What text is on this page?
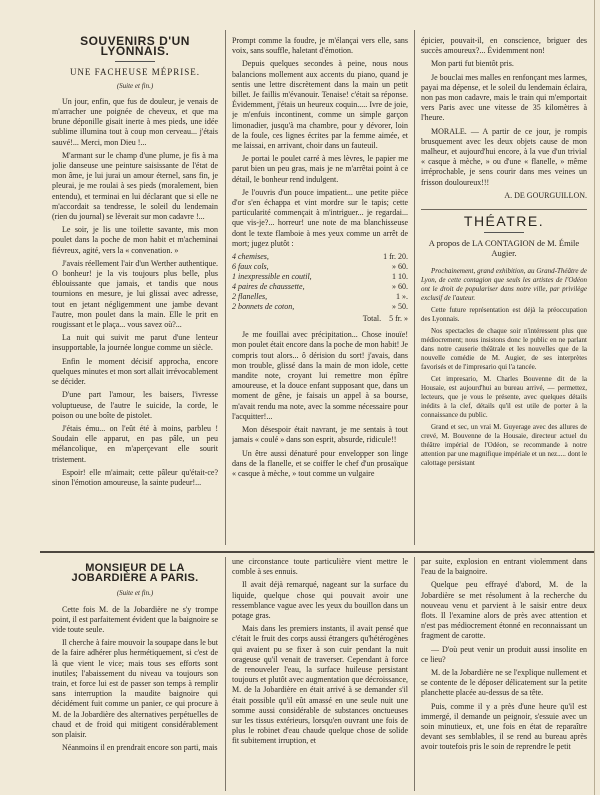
SOUVENIRS D'UN LYONNAIS.
UNE FACHEUSE MÉPRISE.
(Suite et fin.)

Un jour, enfin, que fus de douleur, je venais de m'arracher une poignée de cheveux, et que ma brune déponille gisait inerte à mes pieds, une idée sublime illumina tout à coup mon cerveau... j'étais sauvé!... Merci, mon Dieu !...

M'armant sur le champ d'une plume, je fis à ma jolie danseuse une peinture saisissante de l'état de mon âme, je lui jurai un amour éternel, sans fin, je pleurai, je me roulai à ses pieds (moralement, bien entendu), et terminai en lui déclarant que si elle ne m'accordait sa tendresse, le soleil du lendemain (rien du journal) se lèverait sur mon cadavre !...

Le soir, je lis une toilette savante, mis mon poulet dans la poche de mon habit et m'acheminai fiévreux, agité, vers la « convenation. »

J'avais réellement l'air d'un Werther authentique. O bonheur! je la vis toujours plus belle, plus éblouissante que jamais, et tandis que nous tournions en mesure, je lui glissai avec adresse, tout en jetant négligemment une jambe devant l'autre, mon poulet dans la main. Elle le prit en rougissant et le plaça... vous savez où?...

La nuit qui suivit me parut d'une lenteur insupportable, la journée longue comme un siècle.

Enfin le moment décisif approcha, encore quelques minutes et mon sort allait irrévocablement se décider.

D'une part l'amour, les baisers, l'ivresse voluptueuse, de l'autre le suicide, la corde, le poison ou une boîte de pistolet.

J'étais ému... on l'eût été à moins, parbleu ! Soudain elle apparut, en pas pâle, un peu mélancolique, en m'aperçevant elle sourit tristement.

Espoir! elle m'aimait; cette pâleur qu'était-ce? sinon l'émotion amoureuse, la sainte pudeur!...

Prompt comme la foudre, je m'élançai vers elle, sans voix, sans souffle, haletant d'émotion.

Depuis quelques secondes à peine, nous nous balancions mollement aux accents du piano, quand je sentis une lettre discrètement dans la main un petit billet. Je faillis m'évanouir. Tenaise! c'était sa réponse. Évidemment, j'étais un heureux coquin..... Ivre de joie, je m'enfuis incontinent, comme un simple garçon limonadier, jusqu'à ma chambre, pour y dévorer, loin de la foule, ces lignes écrites par la femme aimée, et me laissai, en arrivant, choir dans un fauteuil.

Je portai le poulet carré à mes lèvres, le papier me parut bien un peu gras, mais je ne m'arrêtai point à ce détail, le bonheur rend indulgent.

Je l'ouvris d'un pouce impatient... une petite pièce d'or s'en échappa et vint mordre sur le tapis; cette particularité commençait à m'intriguer... je regardai... que vis-je?... horreur! une note de ma blanchisseuse dont le texte flamboie à mes yeux comme un arrêt de mort; jugez plutôt :

4 chemises,	1 fr. 20.
6 faux cols,	» 60.
1 inexpressible en coutil,	1 10.
4 paires de chaussette,	» 60.
2 flanelles,	1 ».
2 bonnets de coton,	» 50.
Total.	5 fr. »

Je me fouillai avec précipitation... Chose inouïe! mon poulet était encore dans la poche de mon habit! Je compris tout alors... ô dérision du sort! j'avais, dans mon trouble, glissé dans la main de mon idole, cette mandite note, croyant lui remettre mon épître amoureuse, et la douce enfant supposant que, dans un moment de gêne, je faisais un appel à sa bourse, m'avait rendu ma note, avec la somme nécessaire pour l'acquitter!...

Mon désespoir était navrant, je me sentais à tout jamais « coulé » dans son esprit, absurde, ridicule!!

Un être aussi dénaturé pour envelopper son linge dans de la flanelle, et se coiffer le chef d'un prosaïque « casque à mèche, » tout comme un vulgaire

épicier, pouvait-il, en conscience, briguer des succès amoureux?... Évidemment non!

Mon parti fut bientôt pris.

Je bouclai mes malles en renfonçant mes larmes, payai ma dépense, et le soleil du lendemain éclaira, non pas mon cadavre, mais le train qui m'emportait vers Paris avec une vitesse de 35 kilomètres à l'heure.

MORALE. — A partir de ce jour, je rompis brusquement avec les deux objets cause de mon malheur, et aujourd'hui encore, à la vue d'un trivial « casque à mèche, » ou d'une « flanelle, » même irréprochable, je sens courir dans mes veines un frisson douloureux!!!

A. DE GOURGUILLON.
THÉATRE.
A propos de LA CONTAGION de M. Émile Augier.

Prochainement, grand exhibition, au Grand-Théâtre de Lyon, de cette contagion que seuls les artistes de l'Odéon ont le droit de populariser dans notre ville, par privilège exclusif de l'auteur.

Cette future représentation est déjà la préoccupation des Lyonnais.

Nos spectacles de chaque soir n'intéressent plus que médiocrement; nous insistons donc le public en ne parlant dans notre causerie théâtrale et les nouvelles que de la nouvelle comédie de M. Augier, de ses interprètes favorisés et de l'impresario qui l'a tancée.

Cet impresario, M. Charles Bouvenne dit de la Housaie, est aujourd'hui au bureau arrivé, — permettez, lecteurs, que je vous le présente, avec quelques détails inédits à la clef, détails qu'il est utile de porter à la connaissance du public.

Grand et sec, un vrai M. Guyerage avec des allures de crevé, M. Bouvenne de la Housaie, directeur actuel du théâtre impérial de l'Odéon, se recommande à notre attention par une magnifique impériale et un nez..... dont le calottage persistant

MONSIEUR DE LA JOBARDIÈRE A PARIS.
(Suite et fin.)

Cette fois M. de la Jobardière ne s'y trompe point, il est parfaitement évident que la baignoire se vide toute seule.

Il cherche à faire mouvoir la soupape dans le but de la faire adhérer plus hermétiquement, si c'est de là que vient le vice; mais tous ses efforts sont inutiles; l'abaissement du niveau va toujours son train, et force lui est de passer son temps à remplir sans interruption la maudite baignoire qui décidément fuit comme un panier, ce qui procure à M. de la Jobardière des alternatives perpétuelles de chaud et de froid qui mitigent considérablement son plaisir.

Néanmoins il en prendrait encore son parti, mais

une circonstance toute particulière vient mettre le comble à ses ennuis.

Il avait déjà remarqué, nageant sur la surface du liquide, quelque chose qui pouvait avoir une ressemblance vague avec les yeux du bouillon dans un potage gras.

Mais dans les premiers instants, il avait pensé que c'était le fruit des corps aussi étrangers qu'hétérogènes qui avaient pu se fixer à son cuir pendant la nuit orageuse qu'il venait de traverser. Cependant à force de renouveler l'eau, la surface huileuse persistant toujours et plutôt avec augmentation que décroissance, M. de la Jobardière en était arrivé à se demander s'il était possible qu'il eût amassé en une seule nuit une somme aussi considérable de substances onctueuses sur les tissus extérieurs, lorsqu'en ouvrant une fois de plus le robinet d'eau chaude quelque chose de solide fit subitement irruption, et

par suite, explosion en entrant violemment dans l'eau de la baignoire.

Quelque peu effrayé d'abord, M. de la Jobardière se met résolument à la recherche du nouveau venu et parvient à le saisir entre deux flots. Il l'examine alors de près avec attention et n'est pas médiocrement étonné en reconnaissant un fragment de carotte.

— D'où peut venir un produit aussi insolite en ce lieu?

M. de la Jobardière ne se l'explique nullement et se contente de le déposer délicatement sur la petite planchette placée au-dessus de sa tête.

Puis, comme il y a près d'une heure qu'il est immergé, il demande un peignoir, s'essuie avec un soin minutieux, et, une fois en état de reparaître devant ses semblables, il se rend au bureau après avoir toutefois pris le soin de reprendre le petit
